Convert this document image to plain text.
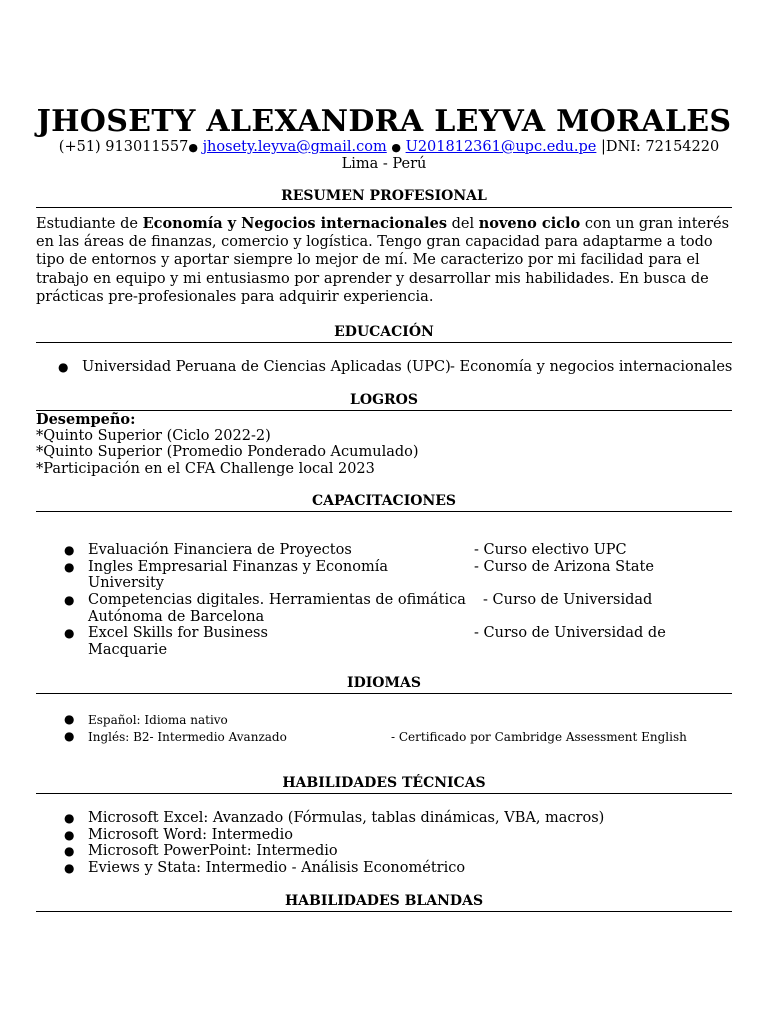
JHOSETY ALEXANDRA LEYVA MORALES
(+51) 913011557● jhosety.leyva@gmail.com ● U201812361@upc.edu.pe |DNI: 72154220
Lima - Perú
RESUMEN PROFESIONAL
Estudiante de Economía y Negocios internacionales del noveno ciclo con un gran interés en las áreas de finanzas, comercio y logística. Tengo gran capacidad para adaptarme a todo tipo de entornos y aportar siempre lo mejor de mí. Me caracterizo por mi facilidad para el trabajo en equipo y mi entusiasmo por aprender y desarrollar mis habilidades. En busca de prácticas pre-profesionales para adquirir experiencia.
EDUCACIÓN
● Universidad Peruana de Ciencias Aplicadas (UPC) - Economía y negocios internacionales
LOGROS
Desempeño:
*Quinto Superior (Ciclo 2022-2)
*Quinto Superior (Promedio Ponderado Acumulado)
*Participación en el CFA Challenge local 2023
CAPACITACIONES
● Evaluación Financiera de Proyectos	- Curso electivo UPC
● Ingles Empresarial Finanzas y Economía	- Curso de Arizona State
University
● Competencias digitales. Herramientas de ofimática - Curso de Universidad
Autónoma de Barcelona
● Excel Skills for Business	- Curso de Universidad de
Macquarie
IDIOMAS
● Español: Idioma nativo
● Inglés: B2- Intermedio Avanzado	- Certificado por Cambridge Assessment English
HABILIDADES TÉCNICAS
● Microsoft Excel: Avanzado (Fórmulas, tablas dinámicas, VBA, macros)
● Microsoft Word: Intermedio
● Microsoft PowerPoint: Intermedio
● Eviews y Stata: Intermedio - Análisis Econométrico
HABILIDADES BLANDAS
